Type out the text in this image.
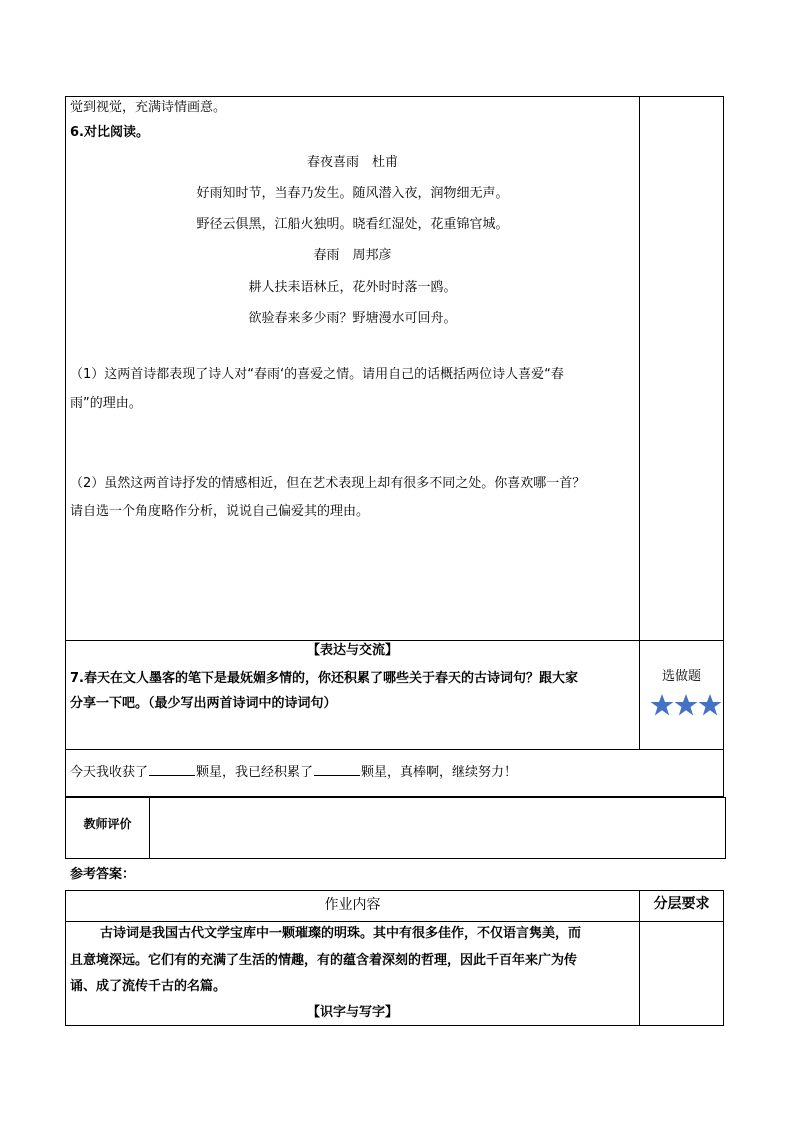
觉到视觉，充满诗情画意。
6.对比阅读。
春夜喜雨　杜甫
好雨知时节，当春乃发生。随风潜入夜，润物细无声。
野径云俱黑，江船火独明。晓看红湿处，花重锦官城。
春雨　周邦彦
耕人扶耒语林丘，花外时时落一鸥。
欲验春来多少雨？野塘漫水可回舟。
（1）这两首诗都表现了诗人对“春雨‘的喜爱之情。请用自己的话概括两位诗人喜爱“春
雨”的理由。
（2）虽然这两首诗抒发的情感相近，但在艺术表现上却有很多不同之处。你喜欢哪一首？
请自选一个角度略作分析，说说自己偏爱其的理由。
【表达与交流】
7.春天在文人墨客的笔下是最妩媚多情的，你还积累了哪些关于春天的古诗词句？跟大家
分享一下吧。（最少写出两首诗词中的诗词句）
选做题
今天我收获了	颗星，我已经积累了	颗星，真棒啊，继续努力！
教师评价
参考答案：
作业内容	分层要求
古诗词是我国古代文学宝库中一颗璀璨的明珠。其中有很多佳作，不仅语言隽美，而
且意境深远。它们有的充满了生活的情趣，有的蕴含着深刻的哲理，因此千百年来广为传
诵、成了流传千古的名篇。
【识字与写字】
